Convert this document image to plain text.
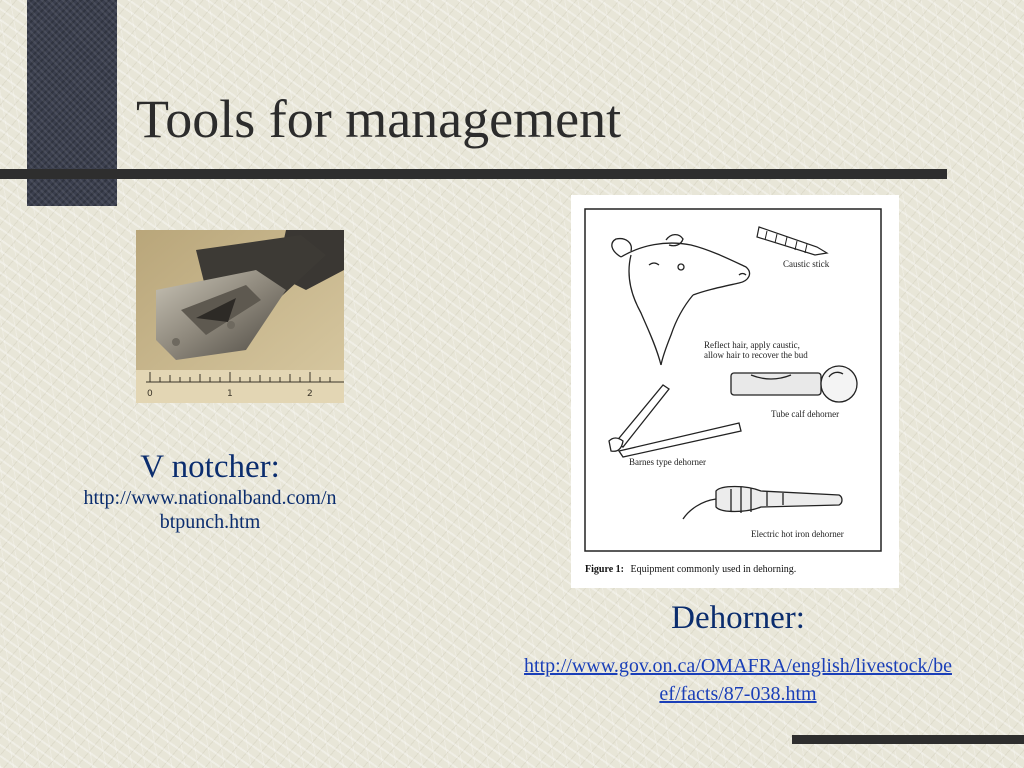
Tools for management
0	1	2
V notcher:
http://www.nationalband.com/nbtpunch.htm
Caustic stick
Reflect hair, apply caustic,
allow hair to recover the bud
Tube calf dehorner
Barnes type dehorner
Electric hot iron dehorner
Figure 1: Equipment commonly used in dehorning.
Dehorner:
http://www.gov.on.ca/OMAFRA/english/livestock/beef/facts/87-038.htm
